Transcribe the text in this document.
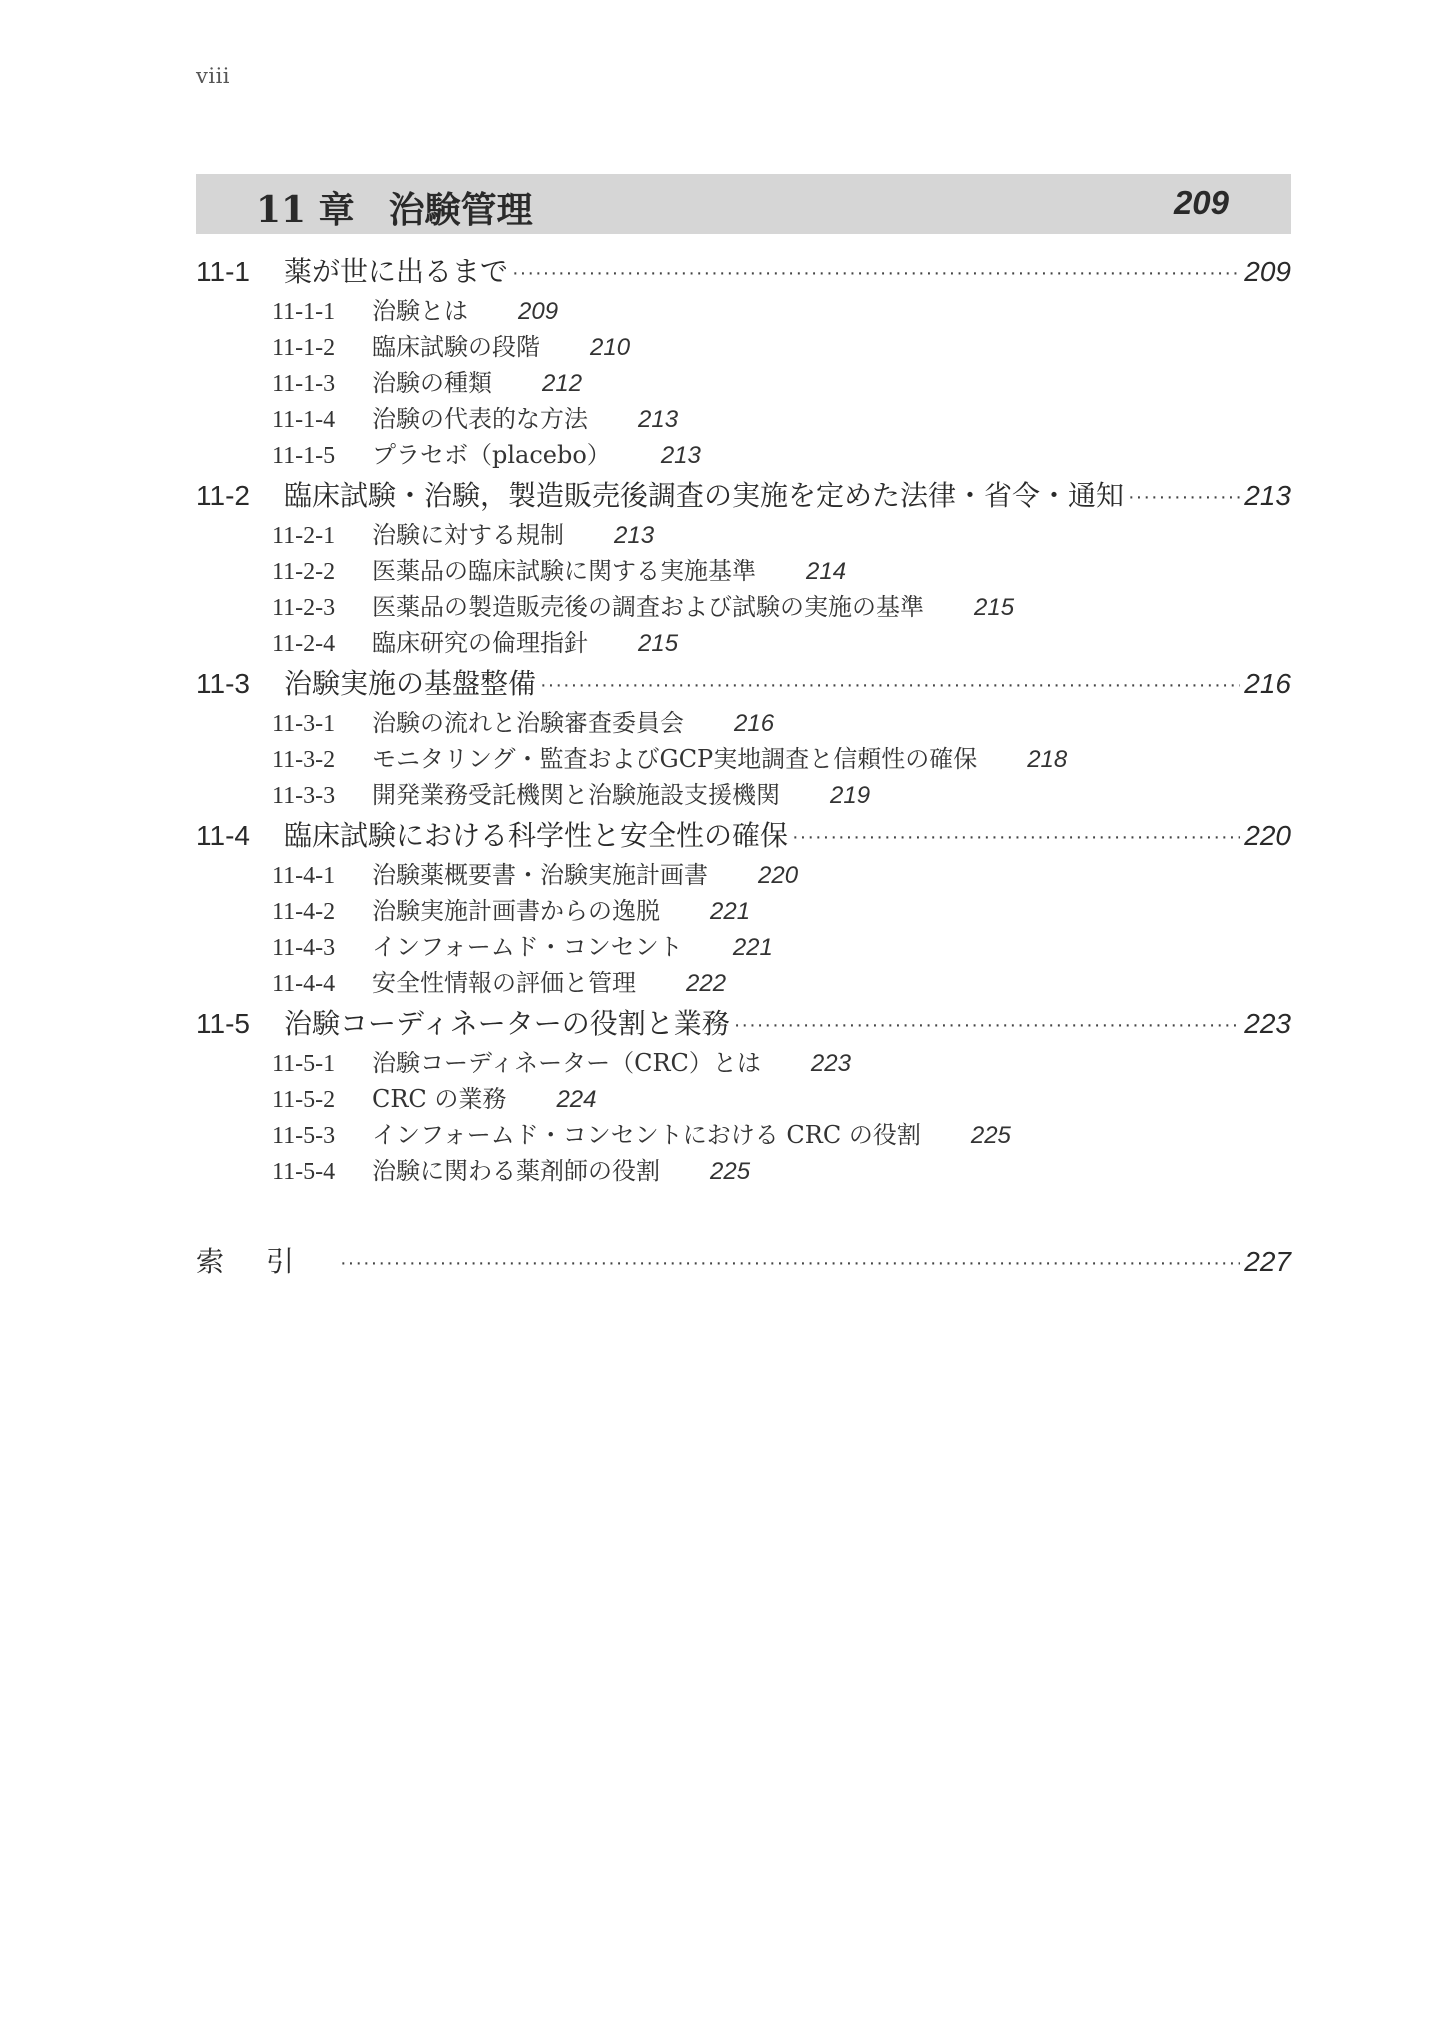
viii
11 章 治験管理	209
11-1	薬が世に出るまで ·····	209
11-1-1	治験とは 209
11-1-2	臨床試験の段階 210
11-1-3	治験の種類 212
11-1-4	治験の代表的な方法 213
11-1-5	プラセボ（placebo） 213
11-2	臨床試験・治験，製造販売後調査の実施を定めた法律・省令・通知 ·····	213
11-2-1	治験に対する規制 213
11-2-2	医薬品の臨床試験に関する実施基準 214
11-2-3	医薬品の製造販売後の調査および試験の実施の基準 215
11-2-4	臨床研究の倫理指針 215
11-3	治験実施の基盤整備 ·····	216
11-3-1	治験の流れと治験審査委員会 216
11-3-2	モニタリング・監査およびGCP実地調査と信頼性の確保 218
11-3-3	開発業務受託機関と治験施設支援機関 219
11-4	臨床試験における科学性と安全性の確保 ·····	220
11-4-1	治験薬概要書・治験実施計画書 220
11-4-2	治験実施計画書からの逸脱 221
11-4-3	インフォームド・コンセント 221
11-4-4	安全性情報の評価と管理 222
11-5	治験コーディネーターの役割と業務 ·····	223
11-5-1	治験コーディネーター（CRC）とは 223
11-5-2	CRC の業務 224
11-5-3	インフォームド・コンセントにおける CRC の役割 225
11-5-4	治験に関わる薬剤師の役割 225
索引 ·····	227
